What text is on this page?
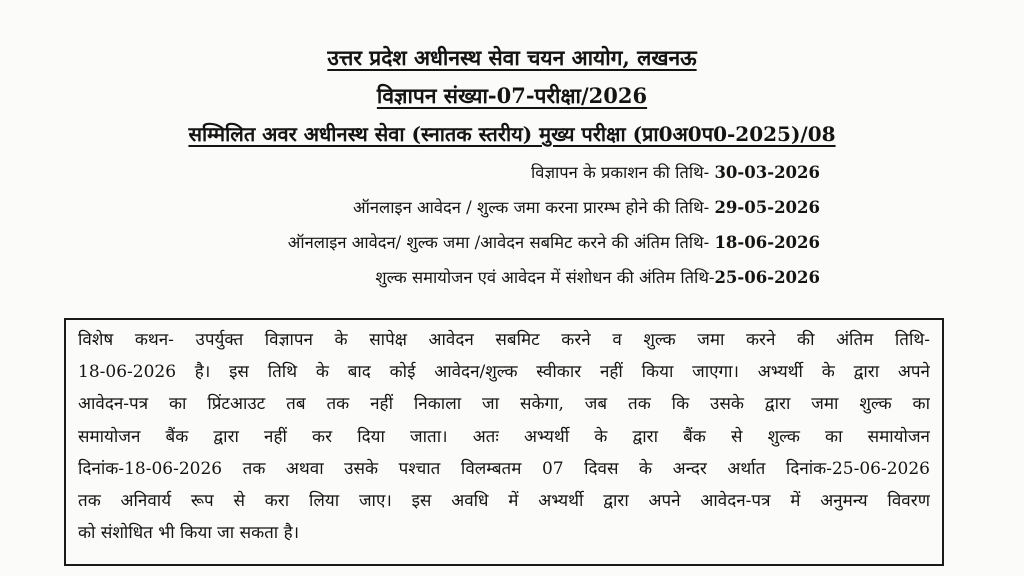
उत्तर प्रदेश अधीनस्थ सेवा चयन आयोग, लखनऊ
विज्ञापन संख्या-07-परीक्षा/2026
सम्मिलित अवर अधीनस्थ सेवा (स्नातक स्तरीय) मुख्य परीक्षा (प्रा0अ0प0-2025)/08
विज्ञापन के प्रकाशन की तिथि- 30-03-2026
ऑनलाइन आवेदन / शुल्क जमा करना प्रारम्भ होने की तिथि- 29-05-2026
ऑनलाइन आवेदन/ शुल्क जमा /आवेदन सबमिट करने की अंतिम तिथि- 18-06-2026
शुल्क समायोजन एवं आवेदन में संशोधन की अंतिम तिथि-25-06-2026
विशेष कथन- उपर्युक्त विज्ञापन के सापेक्ष आवेदन सबमिट करने व शुल्क जमा करने की अंतिम तिथि-
18-06-2026 है। इस तिथि के बाद कोई आवेदन/शुल्क स्वीकार नहीं किया जाएगा। अभ्यर्थी के द्वारा अपने
आवेदन-पत्र का प्रिंटआउट तब तक नहीं निकाला जा सकेगा, जब तक कि उसके द्वारा जमा शुल्क का
समायोजन बैंक द्वारा नहीं कर दिया जाता। अतः अभ्यर्थी के द्वारा बैंक से शुल्क का समायोजन
दिनांक-18-06-2026 तक अथवा उसके पश्चात विलम्बतम 07 दिवस के अन्दर अर्थात दिनांक-25-06-2026
तक अनिवार्य रूप से करा लिया जाए। इस अवधि में अभ्यर्थी द्वारा अपने आवेदन-पत्र में अनुमन्य विवरण
को संशोधित भी किया जा सकता है।
